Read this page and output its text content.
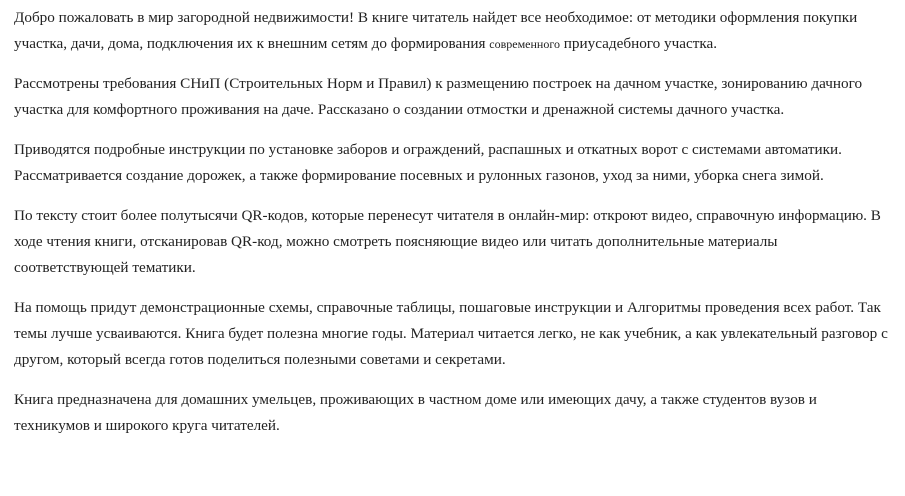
Добро пожаловать в мир загородной недвижимости! В книге читатель найдет все необходимое: от методики оформления покупки участка, дачи, дома, подключения их к внешним сетям до формирования современного приусадебного участка.

Рассмотрены требования СНиП (Строительных Норм и Правил) к размещению построек на дачном участке, зонированию дачного участка для комфортного проживания на даче. Рассказано о создании отмостки и дренажной системы дачного участка.

Приводятся подробные инструкции по установке заборов и ограждений, распашных и откатных ворот с системами автоматики. Рассматривается создание дорожек, а также формирование посевных и рулонных газонов, уход за ними, уборка снега зимой.

По тексту стоит более полутысячи QR-кодов, которые перенесут читателя в онлайн-мир: откроют видео, справочную информацию. В ходе чтения книги, отсканировав QR-код, можно смотреть поясняющие видео или читать дополнительные материалы соответствующей тематики.

На помощь придут демонстрационные схемы, справочные таблицы, пошаговые инструкции и Алгоритмы проведения всех работ. Так темы лучше усваиваются. Книга будет полезна многие годы. Материал читается легко, не как учебник, а как увлекательный разговор с другом, который всегда готов поделиться полезными советами и секретами.

Книга предназначена для домашних умельцев, проживающих в частном доме или имеющих дачу, а также студентов вузов и техникумов и широкого круга читателей.
